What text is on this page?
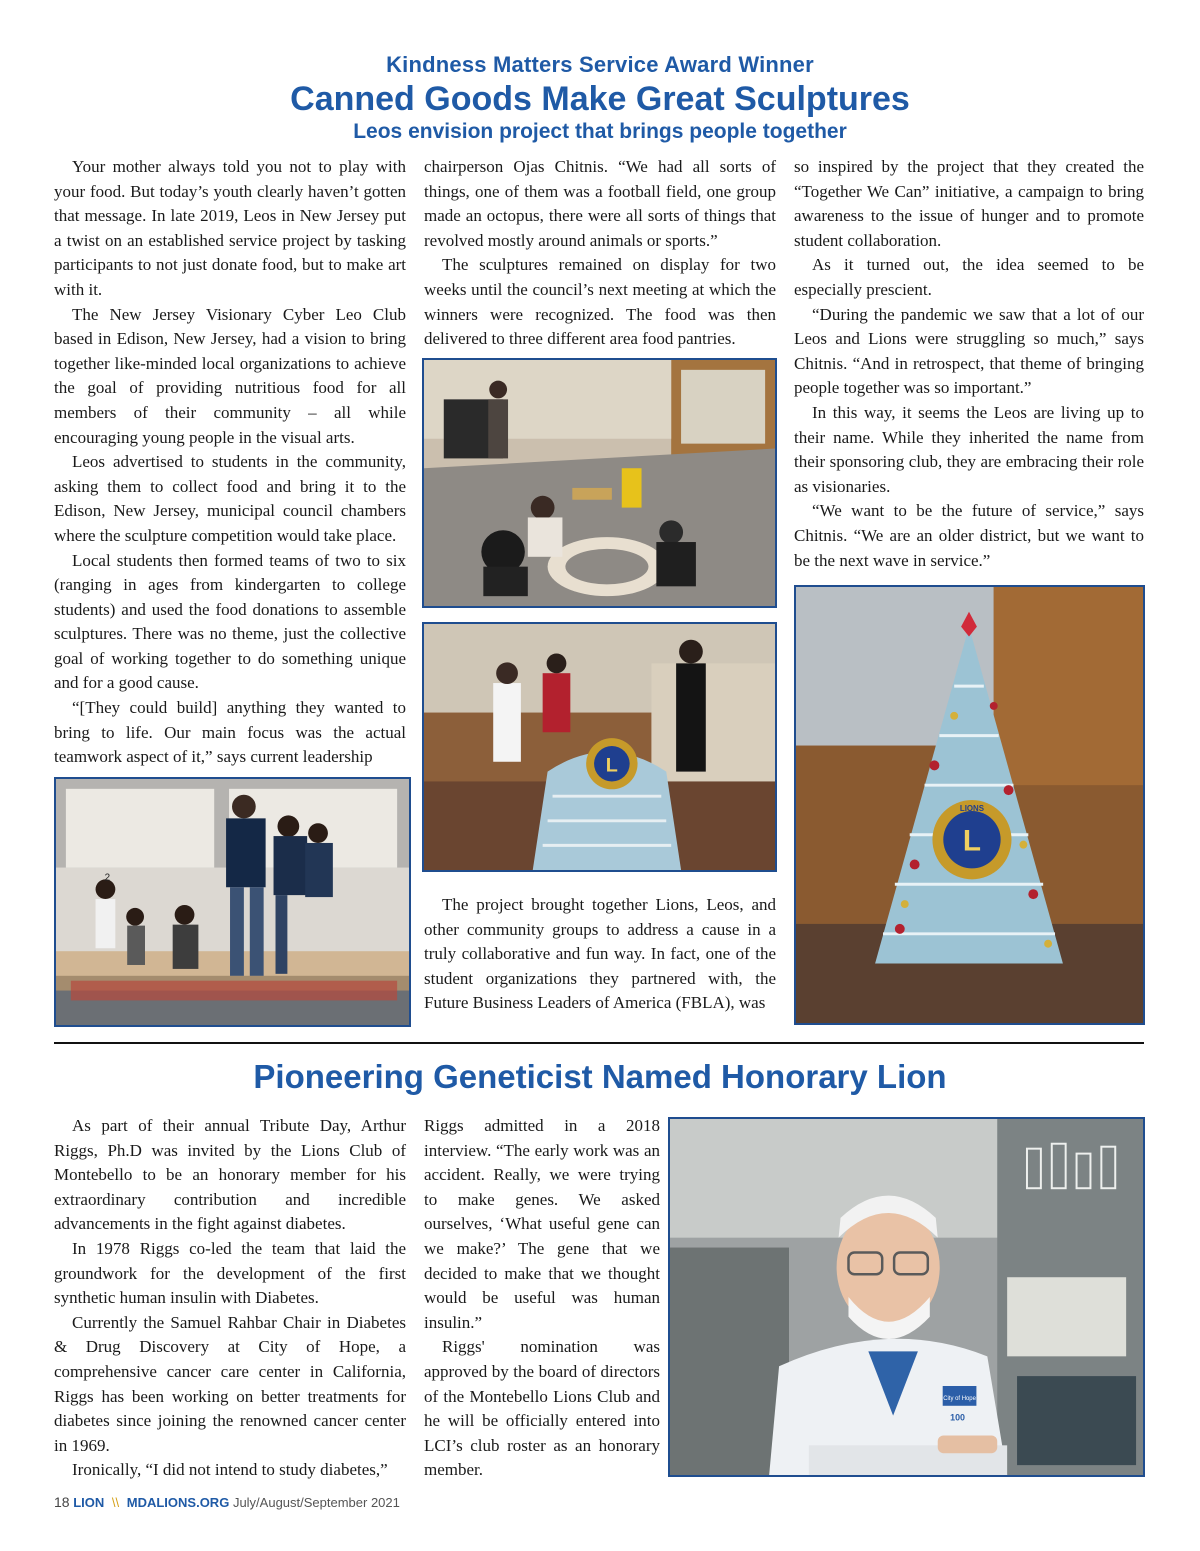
Kindness Matters Service Award Winner
Canned Goods Make Great Sculptures
Leos envision project that brings people together

Your mother always told you not to play with your food. But today’s youth clearly haven’t gotten that message. In late 2019, Leos in New Jersey put a twist on an established service project by tasking participants to not just donate food, but to make art with it.

The New Jersey Visionary Cyber Leo Club based in Edison, New Jersey, had a vision to bring together like-minded local organizations to achieve the goal of providing nutritious food for all members of their community – all while encouraging young people in the visual arts.

Leos advertised to students in the community, asking them to collect food and bring it to the Edison, New Jersey, municipal council chambers where the sculpture competition would take place.

Local students then formed teams of two to six (ranging in ages from kindergarten to college students) and used the food donations to assemble sculptures. There was no theme, just the collective goal of working together to do something unique and for a good cause.

“[They could build] anything they wanted to bring to life. Our main focus was the actual teamwork aspect of it,” says current leadership

chairperson Ojas Chitnis. “We had all sorts of things, one of them was a football field, one group made an octopus, there were all sorts of things that revolved mostly around animals or sports.”

The sculptures remained on display for two weeks until the council’s next meeting at which the winners were recognized. The food was then delivered to three different area food pantries.

so inspired by the project that they created the “Together We Can” initiative, a campaign to bring awareness to the issue of hunger and to promote student collaboration.

As it turned out, the idea seemed to be especially prescient.

“During the pandemic we saw that a lot of our Leos and Lions were struggling so much,” says Chitnis. “And in retrospect, that theme of bringing people together was so important.”

In this way, it seems the Leos are living up to their name. While they inherited the name from their sponsoring club, they are embracing their role as visionaries.

“We want to be the future of service,” says Chitnis. “We are an older district, but we want to be the next wave in service.”

L

The project brought together Lions, Leos, and other community groups to address a cause in a truly collaborative and fun way. In fact, one of the student organizations they partnered with, the Future Business Leaders of America (FBLA), was

2
L
LIONS
Pioneering Geneticist Named Honorary Lion

As part of their annual Tribute Day, Arthur Riggs, Ph.D was invited by the Lions Club of Montebello to be an honorary member for his extraordinary contribution and incredible advancements in the fight against diabetes.

In 1978 Riggs co-led the team that laid the groundwork for the development of the first synthetic human insulin with Diabetes.

Currently the Samuel Rahbar Chair in Diabetes & Drug Discovery at City of Hope, a comprehensive cancer care center in California, Riggs has been working on better treatments for diabetes since joining the renowned cancer center in 1969.

Ironically, “I did not intend to study diabetes,”

Riggs admitted in a 2018 interview. “The early work was an accident. Really, we were trying to make genes. We asked ourselves, ‘What useful gene can we make?’ The gene that we decided to make that we thought would be useful was human insulin.”

Riggs' nomination was approved by the board of directors of the Montebello Lions Club and he will be officially entered into LCI’s club roster as an honorary member.

City of Hope
100
18 LION \\ MDALIONS.ORG July/August/September 2021
